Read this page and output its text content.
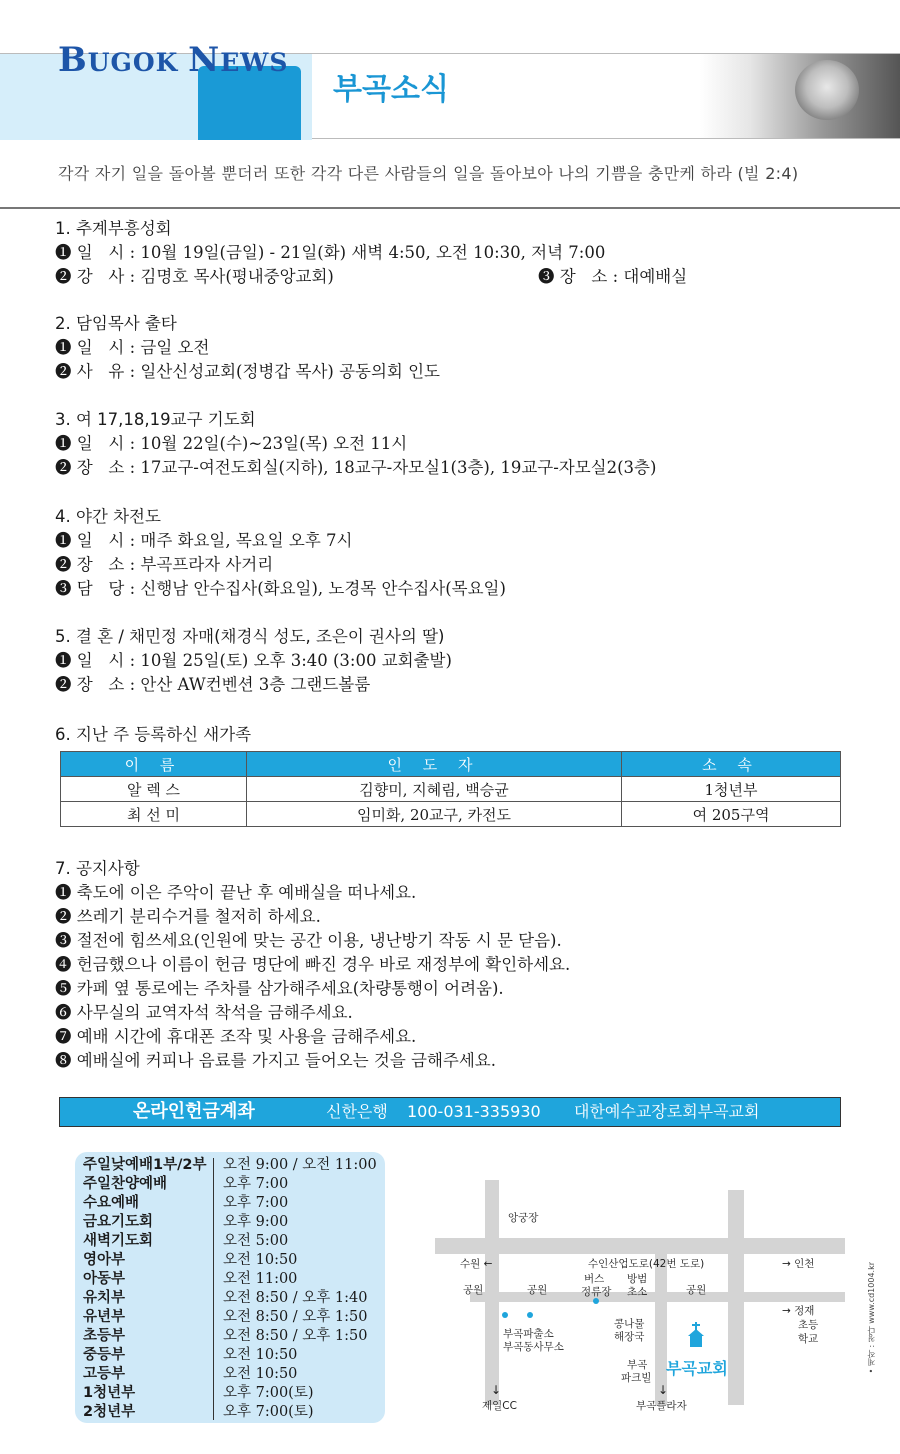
BUGOK NEWS
부곡소식
각각 자기 일을 돌아볼 뿐더러 또한 각각 다른 사람들의 일을 돌아보아 나의 기쁨을 충만케 하라 (빌 2:4)
1. 추계부흥성회
❶ 일   시 : 10월 19일(금일) - 21일(화) 새벽 4:50, 오전 10:30, 저녁 7:00
❷ 강   사 : 김명호 목사(평내중앙교회)	❸ 장   소 : 대예배실
2. 담임목사 출타
❶ 일   시 : 금일 오전
❷ 사   유 : 일산신성교회(정병갑 목사) 공동의회 인도
3. 여 17,18,19교구 기도회
❶ 일   시 : 10월 22일(수)~23일(목) 오전 11시
❷ 장   소 : 17교구-여전도회실(지하), 18교구-자모실1(3층), 19교구-자모실2(3층)
4. 야간 차전도
❶ 일   시 : 매주 화요일, 목요일 오후 7시
❷ 장   소 : 부곡프라자 사거리
❸ 담   당 : 신행남 안수집사(화요일), 노경목 안수집사(목요일)
5. 결 혼 / 채민정 자매(채경식 성도, 조은이 권사의 딸)
❶ 일   시 : 10월 25일(토) 오후 3:40 (3:00 교회출발)
❷ 장   소 : 안산 AW컨벤션 3층 그랜드볼룸
6. 지난 주 등록하신 새가족
이 름	인 도 자	소 속
알 렉 스	김향미, 지혜림, 백승균	1청년부
최 선 미	임미화, 20교구, 카전도	여 205구역
7. 공지사항
❶ 축도에 이은 주악이 끝난 후 예배실을 떠나세요.
❷ 쓰레기 분리수거를 철저히 하세요.
❸ 절전에 힘쓰세요(인원에 맞는 공간 이용, 냉난방기 작동 시 문 닫음).
❹ 헌금했으나 이름이 헌금 명단에 빠진 경우 바로 재정부에 확인하세요.
❺ 카페 옆 통로에는 주차를 삼가해주세요(차량통행이 어려움).
❻ 사무실의 교역자석 착석을 금해주세요.
❼ 예배 시간에 휴대폰 조작 및 사용을 금해주세요.
❽ 예배실에 커피나 음료를 가지고 들어오는 것을 금해주세요.
온라인헌금계좌	신한은행 100-031-335930 대한예수교장로회부곡교회
주일낮예배1부/2부 오전 9:00 / 오전 11:00
주일찬양예배	오후 7:00
수요예배	오후 7:00
금요기도회	오후 9:00
새벽기도회	오전 5:00
영아부	오전 10:50
아동부	오전 11:00
유치부	오전 8:50 / 오후 1:40
유년부	오전 8:50 / 오후 1:50
초등부	오전 8:50 / 오후 1:50
중등부	오전 10:50
고등부	오전 10:50
1청년부	오후 7:00(토)
2청년부	오후 7:00(토)
앙궁장
수원 ←	수인산업도로(42번 도로)	→ 인천
공원	공원	공원
버스
정류장
방범
초소
→ 정재
초등
학교
부곡파출소
부곡동사무소
콩나물
해장국
부곡
파크빌 부곡교회
↓	↓
제일CC	부곡플라자
• 제작 : 청다 www.cd1004.kr
